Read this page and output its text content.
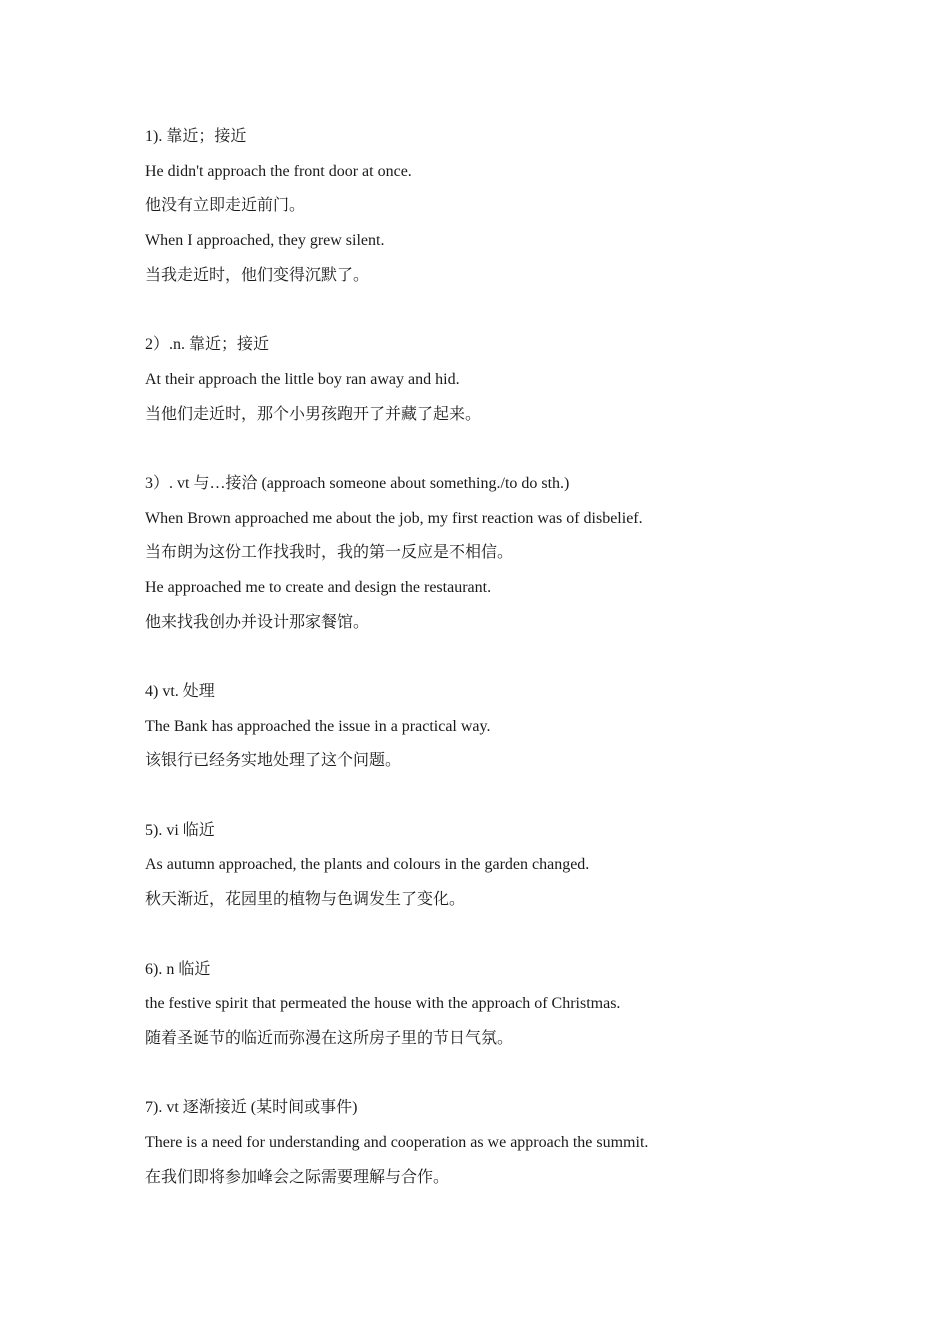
1). 靠近；接近
He didn't approach the front door at once.
他没有立即走近前门。
When I approached, they grew silent.
当我走近时，他们变得沉默了。
2）.n. 靠近；接近
At their approach the little boy ran away and hid.
当他们走近时，那个小男孩跑开了并藏了起来。
3）. vt 与…接洽 (approach someone about something./to do sth.)
When Brown approached me about the job, my first reaction was of disbelief.
当布朗为这份工作找我时，我的第一反应是不相信。
He approached me to create and design the restaurant.
他来找我创办并设计那家餐馆。
4) vt. 处理
The Bank has approached the issue in a practical way.
该银行已经务实地处理了这个问题。
5). vi 临近
As autumn approached, the plants and colours in the garden changed.
秋天渐近，花园里的植物与色调发生了变化。
6). n 临近
the festive spirit that permeated the house with the approach of Christmas.
随着圣诞节的临近而弥漫在这所房子里的节日气氛。
7). vt 逐渐接近 (某时间或事件)
There is a need for understanding and cooperation as we approach the summit.
在我们即将参加峰会之际需要理解与合作。
